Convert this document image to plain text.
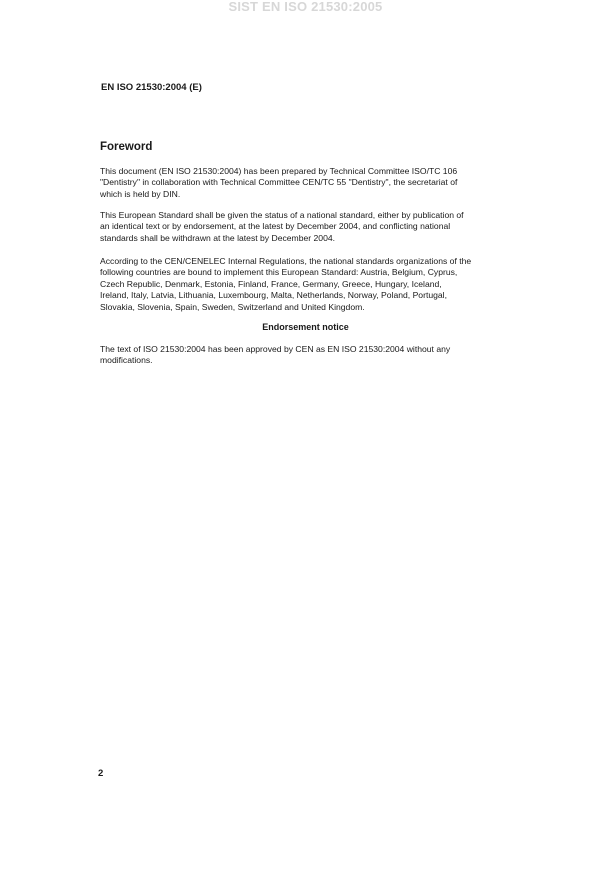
SIST EN ISO 21530:2005
EN ISO 21530:2004 (E)
Foreword

This document (EN ISO 21530:2004) has been prepared by Technical Committee ISO/TC 106
"Dentistry" in collaboration with Technical Committee CEN/TC 55 "Dentistry", the secretariat of
which is held by DIN.

This European Standard shall be given the status of a national standard, either by publication of
an identical text or by endorsement, at the latest by December 2004, and conflicting national
standards shall be withdrawn at the latest by December 2004.

According to the CEN/CENELEC Internal Regulations, the national standards organizations of the
following countries are bound to implement this European Standard: Austria, Belgium, Cyprus,
Czech Republic, Denmark, Estonia, Finland, France, Germany, Greece, Hungary, Iceland,
Ireland, Italy, Latvia, Lithuania, Luxembourg, Malta, Netherlands, Norway, Poland, Portugal,
Slovakia, Slovenia, Spain, Sweden, Switzerland and United Kingdom.

Endorsement notice

The text of ISO 21530:2004 has been approved by CEN as EN ISO 21530:2004 without any
modifications.

2
